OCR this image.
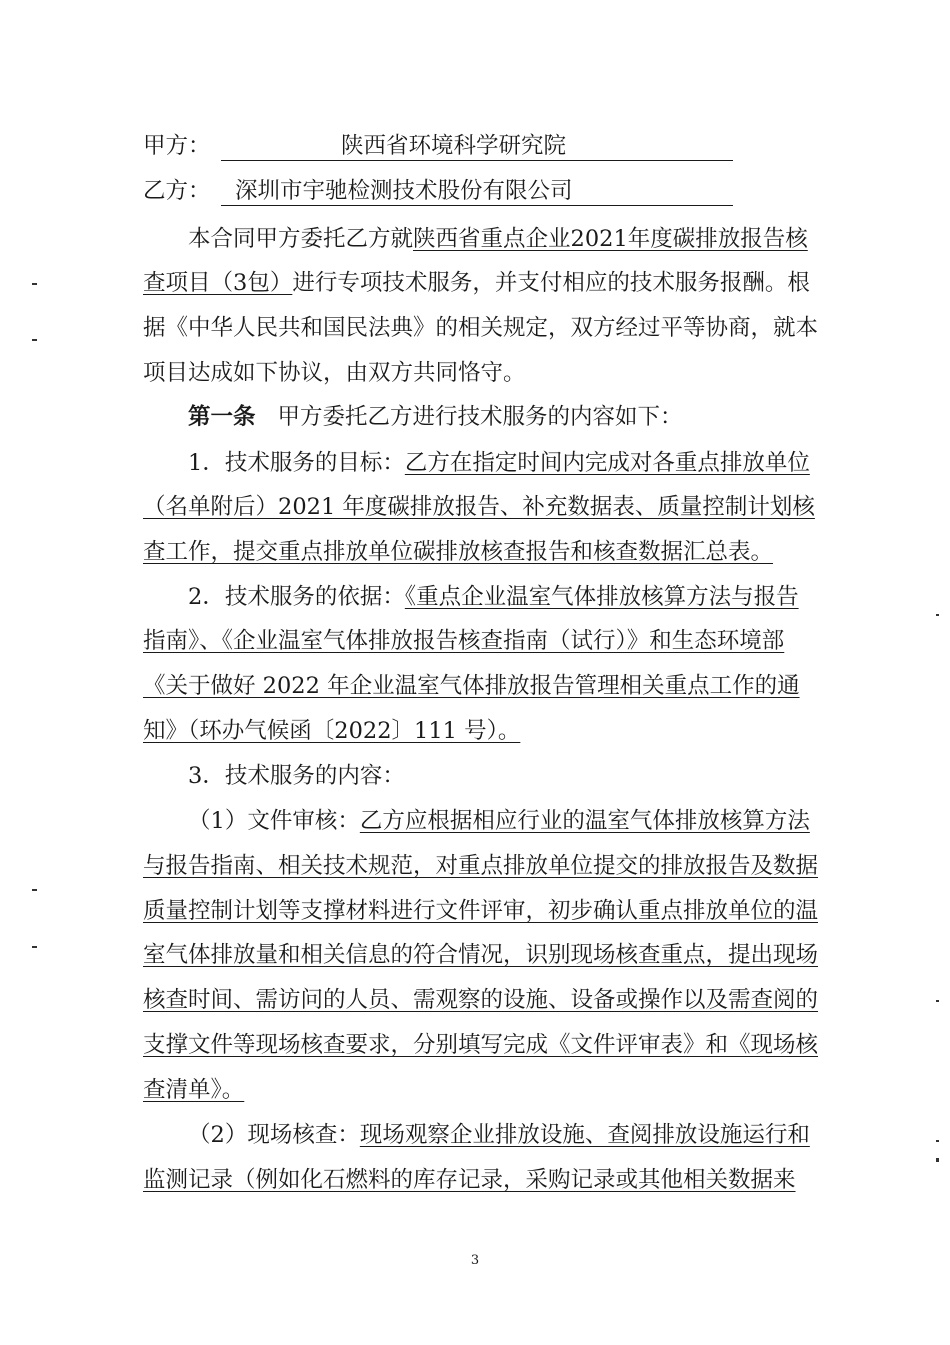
甲方：	陕西省环境科学研究院
乙方： 深圳市宇驰检测技术股份有限公司
本合同甲方委托乙方就陕西省重点企业2021年度碳排放报告核
查项目（3包）进行专项技术服务，并支付相应的技术服务报酬。根
据《中华人民共和国民法典》的相关规定，双方经过平等协商，就本
项目达成如下协议，由双方共同恪守。
第一条 甲方委托乙方进行技术服务的内容如下：
1．技术服务的目标：乙方在指定时间内完成对各重点排放单位
（名单附后）2021 年度碳排放报告、补充数据表、质量控制计划核
查工作，提交重点排放单位碳排放核查报告和核查数据汇总表。
2．技术服务的依据：《重点企业温室气体排放核算方法与报告
指南》、《企业温室气体排放报告核查指南（试行）》和生态环境部
《关于做好 2022 年企业温室气体排放报告管理相关重点工作的通
知》（环办气候函〔2022〕111 号）。
3．技术服务的内容：
（1）文件审核：乙方应根据相应行业的温室气体排放核算方法
与报告指南、相关技术规范，对重点排放单位提交的排放报告及数据
质量控制计划等支撑材料进行文件评审，初步确认重点排放单位的温
室气体排放量和相关信息的符合情况，识别现场核查重点，提出现场
核查时间、需访问的人员、需观察的设施、设备或操作以及需查阅的
支撑文件等现场核查要求，分别填写完成《文件评审表》和《现场核
查清单》。
（2）现场核查：现场观察企业排放设施、查阅排放设施运行和
监测记录（例如化石燃料的库存记录，采购记录或其他相关数据来
3
